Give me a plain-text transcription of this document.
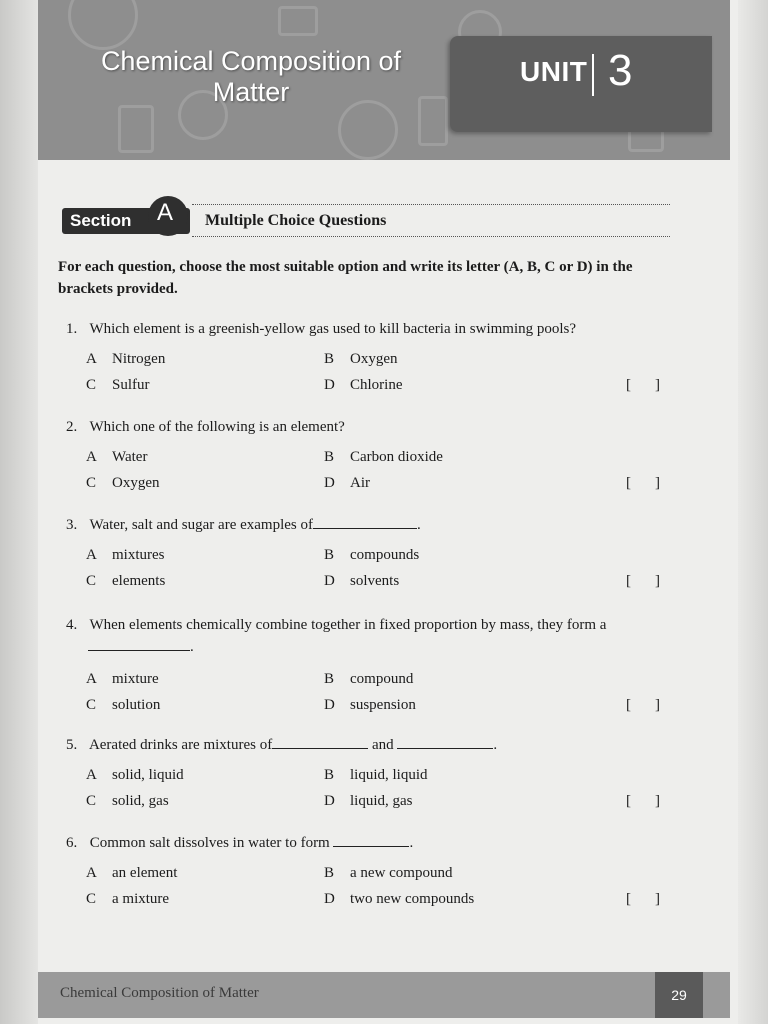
Chemical Composition of
Matter
UNIT 3
Section A Multiple Choice Questions
For each question, choose the most suitable option and write its letter (A, B, C or D) in the brackets provided.
1. Which element is a greenish-yellow gas used to kill bacteria in swimming pools?
A Nitrogen	B Oxygen
C Sulfur	D Chlorine	[ ]
2. Which one of the following is an element?
A Water	B Carbon dioxide
C Oxygen	D Air	[ ]
3. Water, salt and sugar are examples of	.
A mixtures	B compounds
C elements	D solvents	[ ]
4. When elements chemically combine together in fixed proportion by mass, they form a
.
A mixture	B compound
C solution	D suspension	[ ]
5. Aerated drinks are mixtures of	and	.
A solid, liquid	B liquid, liquid
C solid, gas	D liquid, gas	[ ]
6. Common salt dissolves in water to form	.
A an element	B a new compound
C a mixture	D two new compounds	[ ]
Chemical Composition of Matter	29
